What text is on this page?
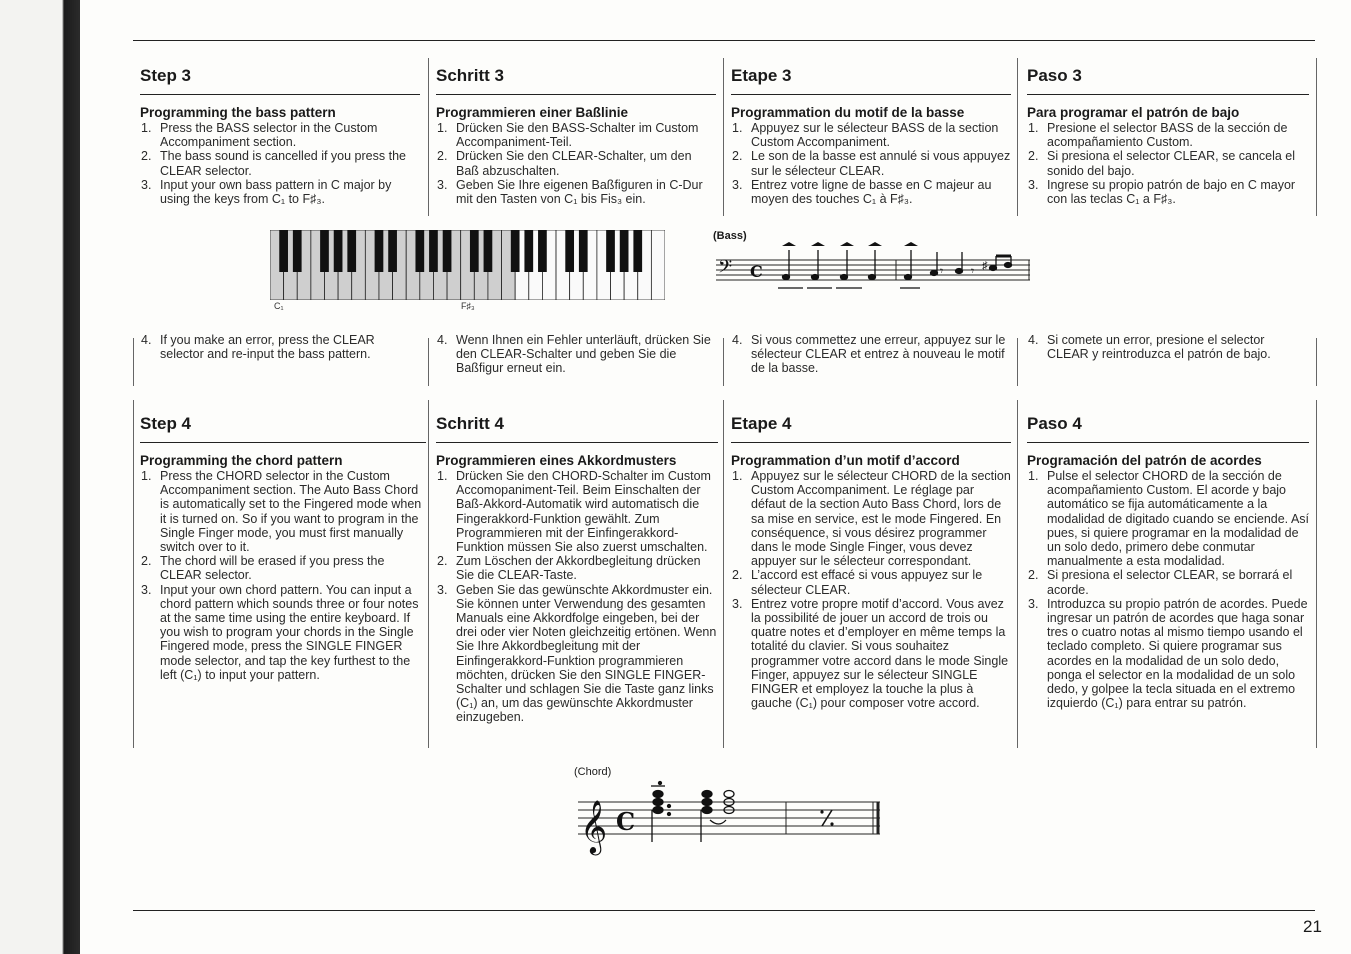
Step 3
Programming the bass pattern
1. Press the BASS selector in the Custom Accompaniment section.
2. The bass sound is cancelled if you press the CLEAR selector.
3. Input your own bass pattern in C major by using the keys from C₁ to F♯₃.
Schritt 3
Programmieren einer Baßlinie
1. Drücken Sie den BASS-Schalter im Custom Accompaniment-Teil.
2. Drücken Sie den CLEAR-Schalter, um den Baß abzuschalten.
3. Geben Sie Ihre eigenen Baßfiguren in C-Dur mit den Tasten von C₁ bis Fis₃ ein.
Etape 3
Programmation du motif de la basse
1. Appuyez sur le sélecteur BASS de la section Custom Accompaniment.
2. Le son de la basse est annulé si vous appuyez sur le sélecteur CLEAR.
3. Entrez votre ligne de basse en C majeur au moyen des touches C₁ à F♯₃.
Paso 3
Para programar el patrón de bajo
1. Presione el selector BASS de la sección de acompañamiento Custom.
2. Si presiona el selector CLEAR, se cancela el sonido del bajo.
3. Ingrese su propio patrón de bajo en C mayor con las teclas C₁ a F♯₃.
C₁	F♯₃
(Bass)
𝄢 C	𝄾 𝄾 ♯
4. If you make an error, press the CLEAR selector and re-input the bass pattern.
4. Wenn Ihnen ein Fehler unterläuft, drücken Sie den CLEAR-Schalter und geben Sie die Baßfigur erneut ein.
4. Si vous commettez une erreur, appuyez sur le sélecteur CLEAR et entrez à nouveau le motif de la basse.
4. Si comete un error, presione el selector CLEAR y reintroduzca el patrón de bajo.
Step 4
Programming the chord pattern
1. Press the CHORD selector in the Custom Accompaniment section. The Auto Bass Chord is automatically set to the Fingered mode when it is turned on. So if you want to program in the Single Finger mode, you must first manually switch over to it.
2. The chord will be erased if you press the CLEAR selector.
3. Input your own chord pattern. You can input a chord pattern which sounds three or four notes at the same time using the entire keyboard. If you wish to program your chords in the Single Fingered mode, press the SINGLE FINGER mode selector, and tap the key furthest to the left (C₁) to input your pattern.
Schritt 4
Programmieren eines Akkordmusters
1. Drücken Sie den CHORD-Schalter im Custom Accomopaniment-Teil. Beim Einschalten der Baß-Akkord-Automatik wird automatisch die Fingerakkord-Funktion gewählt. Zum Programmieren mit der Einfingerakkord-Funktion müssen Sie also zuerst umschalten.
2. Zum Löschen der Akkordbegleitung drücken Sie die CLEAR-Taste.
3. Geben Sie das gewünschte Akkordmuster ein. Sie können unter Verwendung des gesamten Manuals eine Akkordfolge eingeben, bei der drei oder vier Noten gleichzeitig ertönen. Wenn Sie Ihre Akkordbegleitung mit der Einfingerakkord-Funktion programmieren möchten, drücken Sie den SINGLE FINGER-Schalter und schlagen Sie die Taste ganz links (C₁) an, um das gewünschte Akkordmuster einzugeben.
Etape 4
Programmation d’un motif d’accord
1. Appuyez sur le sélecteur CHORD de la section Custom Accompaniment. Le réglage par défaut de la section Auto Bass Chord, lors de sa mise en service, est le mode Fingered. En conséquence, si vous désirez programmer dans le mode Single Finger, vous devez appuyer sur le sélecteur correspondant.
2. L’accord est effacé si vous appuyez sur le sélecteur CLEAR.
3. Entrez votre propre motif d’accord. Vous avez la possibilité de jouer un accord de trois ou quatre notes et d’employer en même temps la totalité du clavier. Si vous souhaitez programmer votre accord dans le mode Single Finger, appuyez sur le sélecteur SINGLE FINGER et employez la touche la plus à gauche (C₁) pour composer votre accord.
Paso 4
Programación del patrón de acordes
1. Pulse el selector CHORD de la sección de acompañamiento Custom. El acorde y bajo automático se fija automáticamente a la modalidad de digitado cuando se enciende. Así pues, si quiere programar en la modalidad de un solo dedo, primero debe conmutar manualmente a esta modalidad.
2. Si presiona el selector CLEAR, se borrará el acorde.
3. Introduzca su propio patrón de acordes. Puede ingresar un patrón de acordes que haga sonar tres o cuatro notas al mismo tiempo usando el teclado completo. Si quiere programar sus acordes en la modalidad de un solo dedo, ponga el selector en la modalidad de un solo dedo, y golpee la tecla situada en el extremo izquierdo (C₁) para entrar su patrón.
(Chord)
𝄞 C
21
